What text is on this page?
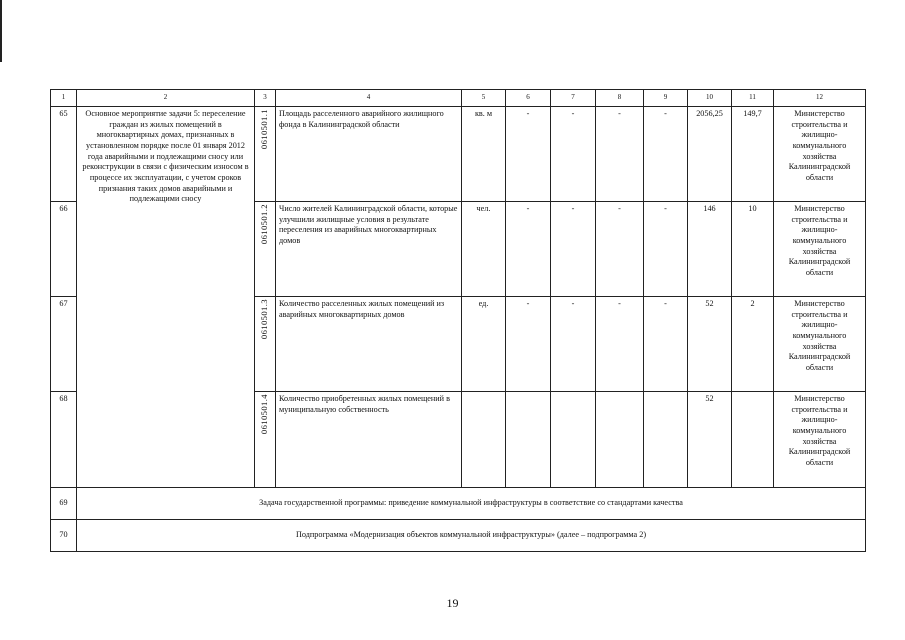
1	2	3	4	5	6	7	8	9	10	11	12
65	Основное мероприятие задачи 5: переселение граждан из жилых помещений в многоквартирных домах, признанных в установленном порядке после 01 января 2012 года аварийными и подлежащими сносу или реконструкции в связи с физическим износом в процессе их эксплуатации, с учетом сроков признания таких домов аварийными и подлежащими сносу	0610501.1	Площадь расселенного аварийного жилищного фонда в Калининградской области	кв. м	-	-	-	-	2056,25	149,7	Министерство строительства и жилищно-коммунального хозяйства Калининградской области
66		0610501.2	Число жителей Калининградской области, которые улучшили жилищные условия в результате переселения из аварийных многоквартирных домов	чел.	-	-	-	-	146	10	Министерство строительства и жилищно-коммунального хозяйства Калининградской области
67		0610501.3	Количество расселенных жилых помещений из аварийных многоквартирных домов	ед.	-	-	-	-	52	2	Министерство строительства и жилищно-коммунального хозяйства Калининградской области
68		0610501.4	Количество приобретенных жилых помещений в муниципальную собственность						52		Министерство строительства и жилищно-коммунального хозяйства Калининградской области
69	Задача государственной программы: приведение коммунальной инфраструктуры в соответствие со стандартами качества										
70	Подпрограмма «Модернизация объектов коммунальной инфраструктуры» (далее – подпрограмма 2)										
19
